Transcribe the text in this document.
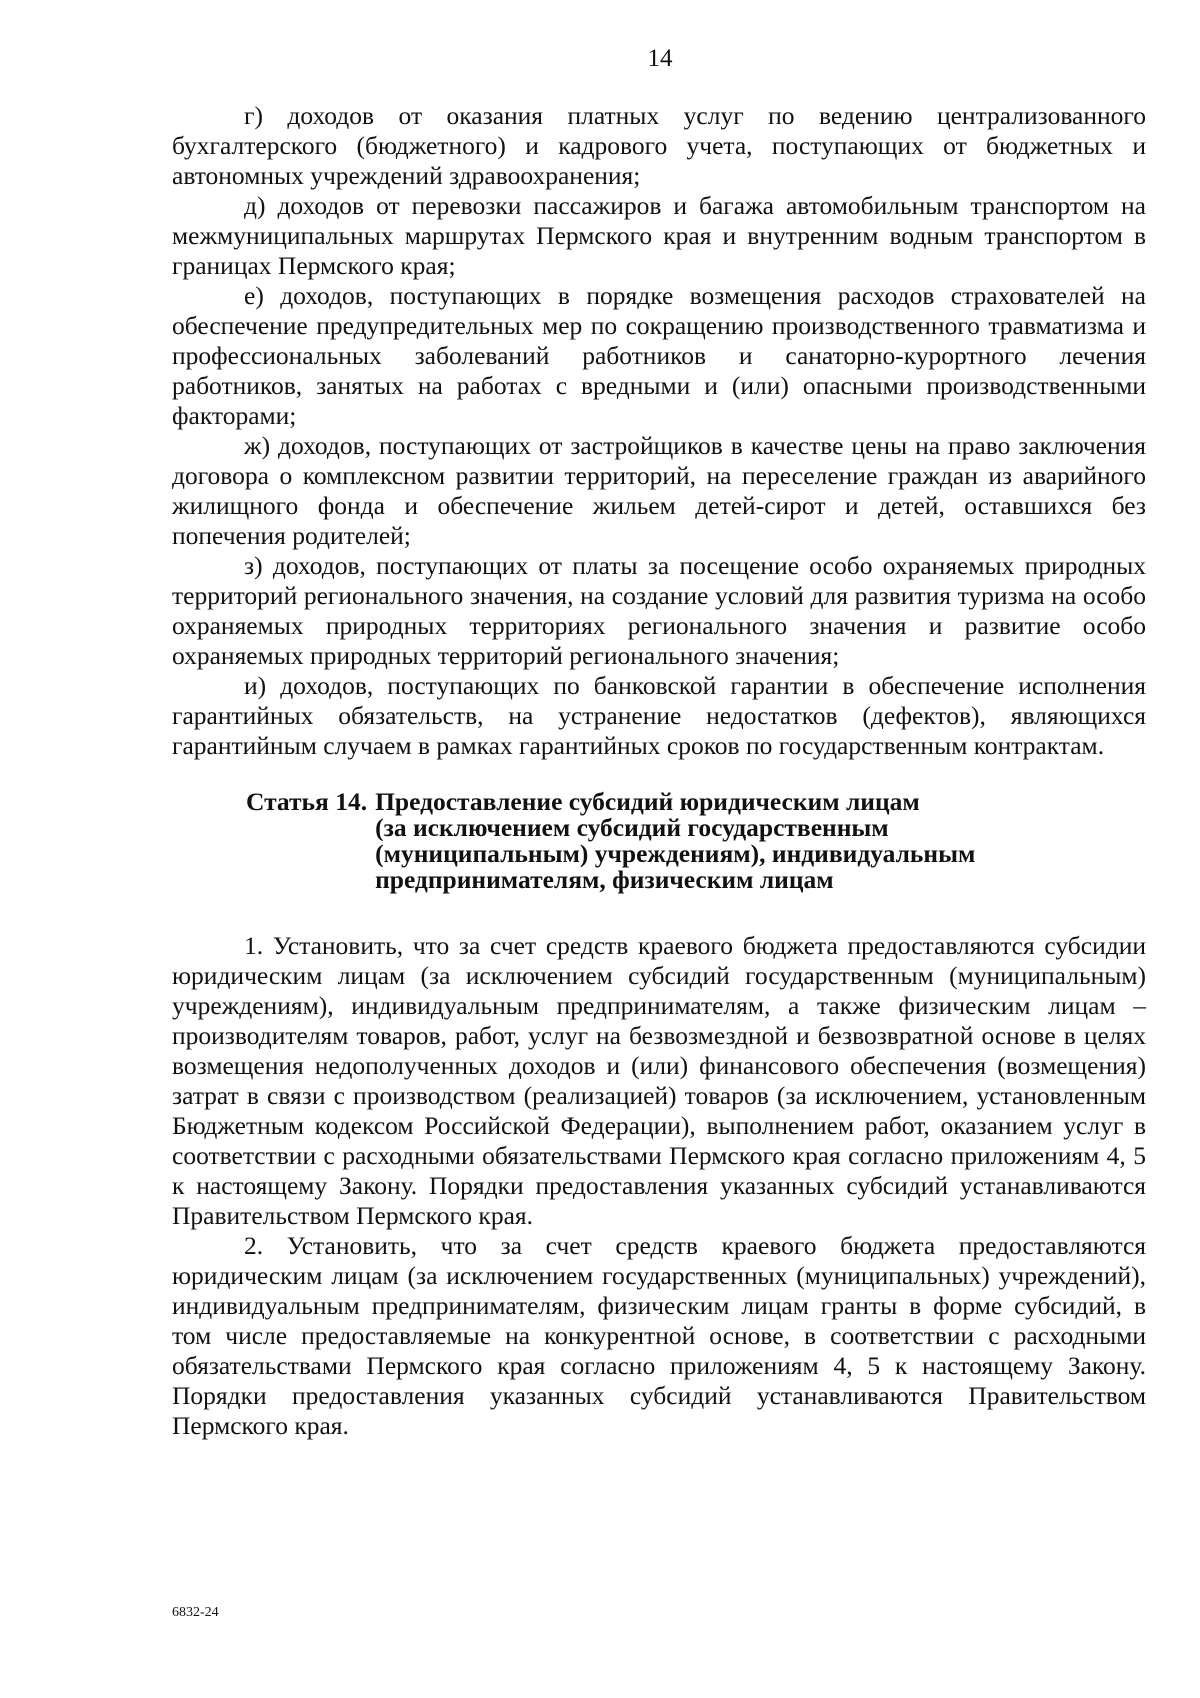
14

г) доходов от оказания платных услуг по ведению централизованного бухгалтерского (бюджетного) и кадрового учета, поступающих от бюджетных и автономных учреждений здравоохранения;

д) доходов от перевозки пассажиров и багажа автомобильным транспортом на межмуниципальных маршрутах Пермского края и внутренним водным транспортом в границах Пермского края;

е) доходов, поступающих в порядке возмещения расходов страхователей на обеспечение предупредительных мер по сокращению производственного травматизма и профессиональных заболеваний работников и санаторно-курортного лечения работников, занятых на работах с вредными и (или) опасными производственными факторами;

ж) доходов, поступающих от застройщиков в качестве цены на право заключения договора о комплексном развитии территорий, на переселение граждан из аварийного жилищного фонда и обеспечение жильем детей-сирот и детей, оставшихся без попечения родителей;

з) доходов, поступающих от платы за посещение особо охраняемых природных территорий регионального значения, на создание условий для развития туризма на особо охраняемых природных территориях регионального значения и развитие особо охраняемых природных территорий регионального значения;

и) доходов, поступающих по банковской гарантии в обеспечение исполнения гарантийных обязательств, на устранение недостатков (дефектов), являющихся гарантийным случаем в рамках гарантийных сроков по государственным контрактам.

Статья 14. Предоставление субсидий юридическим лицам
(за исключением субсидий государственным
(муниципальным) учреждениям), индивидуальным
предпринимателям, физическим лицам

1. Установить, что за счет средств краевого бюджета предоставляются субсидии юридическим лицам (за исключением субсидий государственным (муниципальным) учреждениям), индивидуальным предпринимателям, а также физическим лицам – производителям товаров, работ, услуг на безвозмездной и безвозвратной основе в целях возмещения недополученных доходов и (или) финансового обеспечения (возмещения) затрат в связи с производством (реализацией) товаров (за исключением, установленным Бюджетным кодексом Российской Федерации), выполнением работ, оказанием услуг в соответствии с расходными обязательствами Пермского края согласно приложениям 4, 5 к настоящему Закону. Порядки предоставления указанных субсидий устанавливаются Правительством Пермского края.

2. Установить, что за счет средств краевого бюджета предоставляются юридическим лицам (за исключением государственных (муниципальных) учреждений), индивидуальным предпринимателям, физическим лицам гранты в форме субсидий, в том числе предоставляемые на конкурентной основе, в соответствии с расходными обязательствами Пермского края согласно приложениям 4, 5 к настоящему Закону. Порядки предоставления указанных субсидий устанавливаются Правительством Пермского края.

6832-24
